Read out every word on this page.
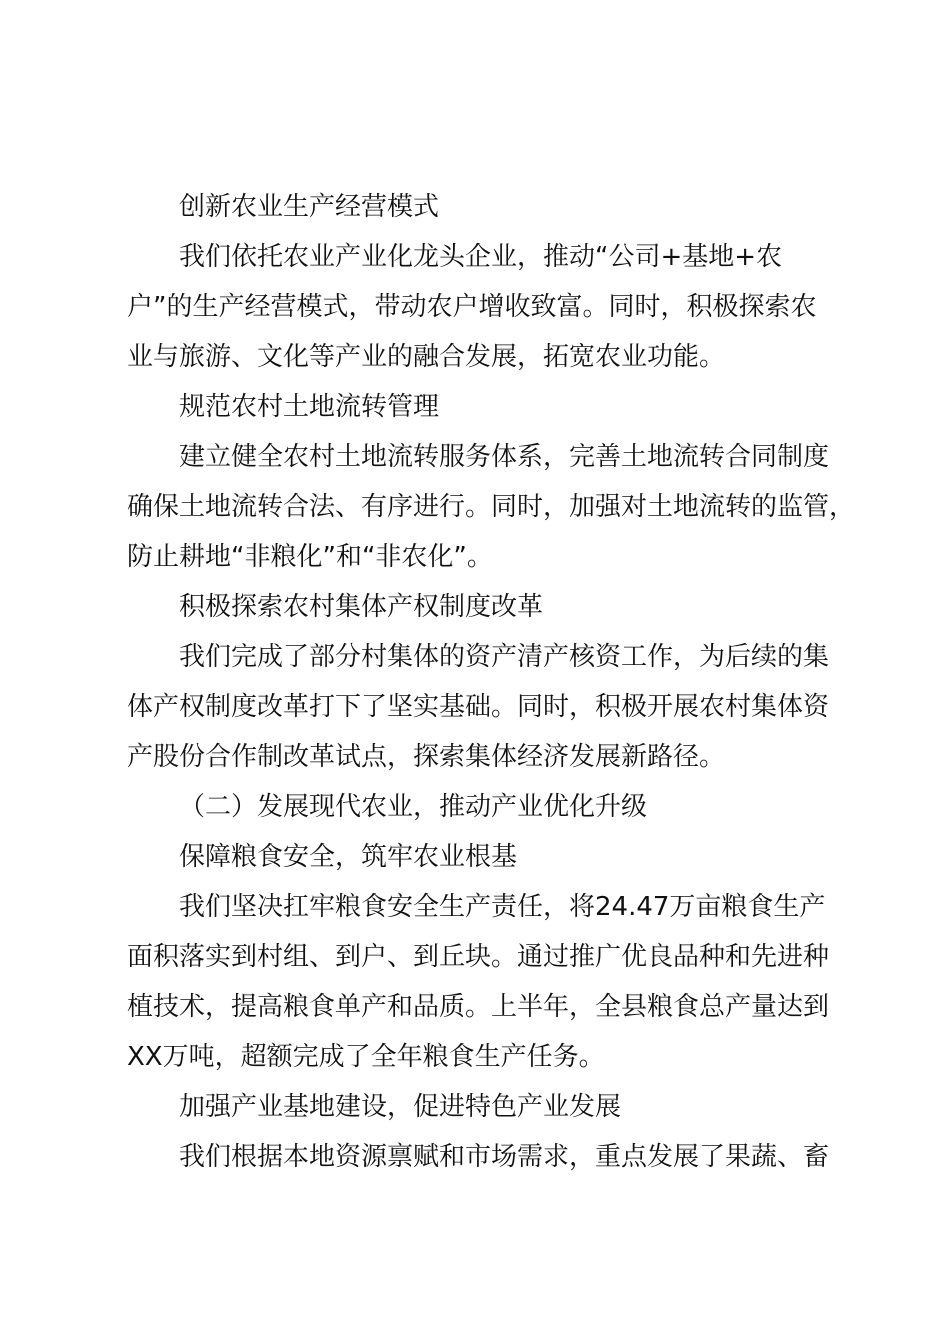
创新农业生产经营模式

我们依托农业产业化龙头企业，推动“公司+基地+农
户”的生产经营模式，带动农户增收致富。同时，积极探索农
业与旅游、文化等产业的融合发展，拓宽农业功能。

规范农村土地流转管理

建立健全农村土地流转服务体系，完善土地流转合同制度
确保土地流转合法、有序进行。同时，加强对土地流转的监管，
防止耕地“非粮化”和“非农化”。

积极探索农村集体产权制度改革

我们完成了部分村集体的资产清产核资工作，为后续的集
体产权制度改革打下了坚实基础。同时，积极开展农村集体资
产股份合作制改革试点，探索集体经济发展新路径。

（二）发展现代农业，推动产业优化升级

保障粮食安全，筑牢农业根基

我们坚决扛牢粮食安全生产责任，将24.47万亩粮食生产
面积落实到村组、到户、到丘块。通过推广优良品种和先进种
植技术，提高粮食单产和品质。上半年，全县粮食总产量达到
XX万吨，超额完成了全年粮食生产任务。

加强产业基地建设，促进特色产业发展

我们根据本地资源禀赋和市场需求，重点发展了果蔬、畜
